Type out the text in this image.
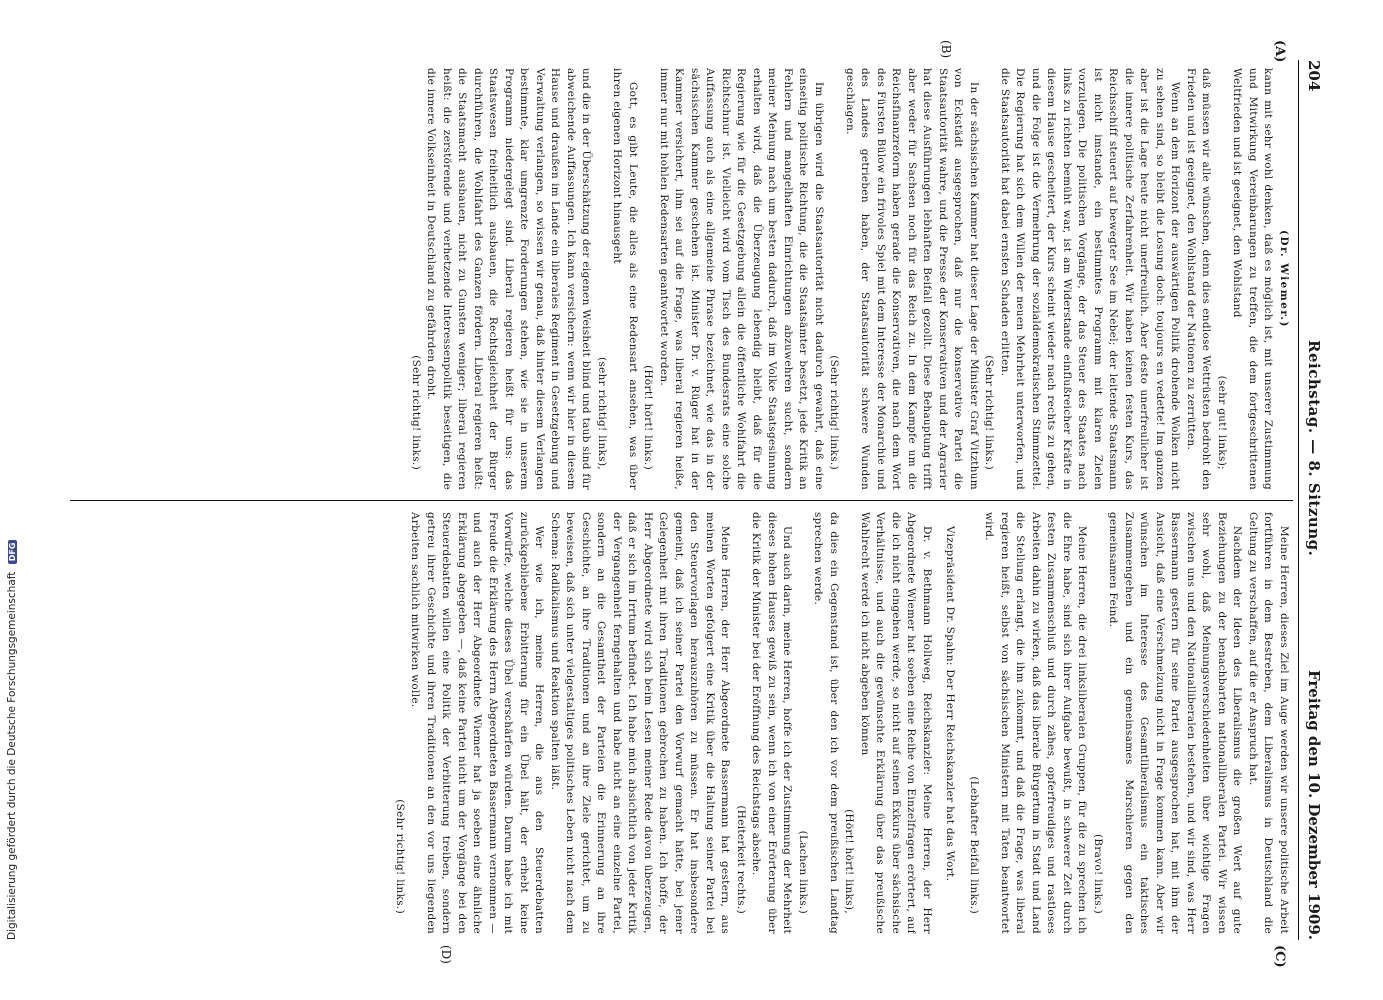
204
Reichstag. — 8. Sitzung.
Freitag den 10. Dezember 1909.
(A)
(B)
(C)
(D)
(Dr. Wiemer.)

kann mit sehr wohl denken, daß es möglich ist, mit unserer Zustimmung und Mitwirkung Vereinbarungen zu treffen, die dem fortgeschrittenen Weltfrieden und ist geeignet, den Wohlstand

(sehr gut! links);

daß müssen wir alle wünschen, denn dies endlose Wettrüsten bedroht den Frieden und ist geeignet, den Wohlstand der Nationen zu zerrütten.

Wenn an dem Horizont der auswärtigen Politik drohende Wolken nicht zu sehen sind, so bleibt die Losung doch: toujours en vedette! Im ganzen aber ist die Lage heute nicht unerfreulich. Aber desto unerfreulicher ist die innere politische Zerfahrenheit. Wir haben keinen festen Kurs, das Reichsschiff steuert auf bewegter See im Nebel; der leitende Staatsmann ist nicht imstande, ein bestimmtes Programm mit klaren Zielen vorzulegen. Die politischen Vorgänge, der das Steuer des Staates nach links zu richten bemüht war, ist am Widerstande einflußreicher Kräfte in diesem Hause gescheitert, der Kurs scheint wieder nach rechts zu gehen, und die Folge ist die Vermehrung der sozialdemokratischen Stimmzettel. Die Regierung hat sich dem Willen der neuen Mehrheit unterworfen, und die Staatsautorität hat dabei ernsten Schaden erlitten.

(Sehr richtig! links.)

In der sächsischen Kammer hat dieser Lage der Minister Graf Vitzthum von Eckstädt ausgesprochen, daß nur die konservative Partei die Staatsautorität wahre, und die Presse der Konservativen und der Agrarier hat diese Ausführungen lebhaften Beifall gezollt. Diese Behauptung trifft aber weder für Sachsen noch für das Reich zu. In dem Kampfe um die Reichsfinanzreform haben gerade die Konservativen, die nach dem Wort des Fürsten Bülow ein frivoles Spiel mit dem Interesse der Monarchie und des Landes getrieben haben, der Staatsautorität schwere Wunden geschlagen.

(Sehr richtig! links.)

Im übrigen wird die Staatsautorität nicht dadurch gewahrt, daß eine einseitig politische Richtung, die die Staatsämter besetzt, jede Kritik an Fehlern und mangelhaften Einrichtungen abzuwehren sucht, sondern meiner Meinung nach um besten dadurch, daß im Volke Staatsgesinnung erhalten wird, daß die Überzeugung lebendig bleibt, daß für die Regierung wie für die Gesetzgebung allein die öffentliche Wohlfahrt die Richtschnur ist. Vielleicht wird vom Tisch des Bundesrats eine solche Auffassung auch als eine allgemeine Phrase bezeichnet, wie das in der sächsischen Kammer geschehen ist. Minister Dr. v. Rüger hat in der Kammer versichert, ihm sei auf die Frage, was liberal regieren heiße, immer nur mit hohlen Redensarten geantwortet worden.

(Hört! hört! links.)

Gott, es gibt Leute, die alles als eine Redensart ansehen, was über ihren eigenen Horizont hinausgeht

(sehr richtig! links),

und die in der Überschätzung der eigenen Weisheit blind und taub sind für abweichende Auffassungen. Ich kann versichern: wenn wir hier in diesem Hause und draußen im Lande ein liberales Regiment in Gesetzgebung und Verwaltung verlangen, so wissen wir genau, daß hinter diesem Verlangen bestimmte, klar umgrenzte Forderungen stehen, wie sie in unserem Programm niedergelegt sind. Liberal regieren heißt für uns: das Staatswesen freiheitlich ausbauen, die Rechtsgleichheit der Bürger durchführen, die Wohlfahrt des Ganzen fördern. Liberal regieren heißt: die Staatsmacht ausbauen, nicht zu Gunsten weniger; liberal regieren heißt: die zerstörende und verhetzende Interessenpolitik beseitigen, die die innere Volkseinheit in Deutschland zu gefährden droht.

(Sehr richtig! links.)

Meine Herren, dieses Ziel im Auge werden wir unsere politische Arbeit fortführen in dem Bestreben, dem Liberalismus in Deutschland die Geltung zu verschaffen, auf die er Anspruch hat.

Nachdem der Ideen des Liberalismus die großen Wert auf gute Beziehungen zu der benachbarten nationalliberalen Partei. Wir wissen sehr wohl, daß Meinungsverschiedenheiten über wichtige Fragen zwischen uns und den Nationalliberalen bestehen, und wir sind, was Herr Bassermann gestern für seine Partei ausgesprochen hat, mit ihm der Ansicht, daß eine Verschmelzung nicht in Frage kommen kann. Aber wir wünschen im Interesse des Gesamtliberalismus ein taktisches Zusammengehen und ein gemeinsames Marschieren gegen den gemeinsamen Feind.

(Bravo! links.)

Meine Herren, die drei linksliberalen Gruppen, für die zu sprechen ich die Ehre habe, sind sich ihrer Aufgabe bewußt, in schwerer Zeit durch festen Zusammenschluß und durch zähes, opferfreudiges und rastloses Arbeiten dahin zu wirken, daß das liberale Bürgertum in Stadt und Land die Stellung erlangt, die ihm zukommt, und daß die Frage, was liberal regieren heißt, selbst von sächsischen Ministern mit Taten beantwortet wird.

(Lebhafter Beifall links.)

Vizepräsident Dr. Spahn: Der Herr Reichskanzler hat das Wort.

Dr. v. Bethmann Hollweg, Reichskanzler: Meine Herren, der Herr Abgeordnete Wiemer hat soeben eine Reihe von Einzelfragen erörtert, auf die ich nicht eingehen werde, so nicht auf seinen Exkurs über sächsische Verhältnisse, und auch die gewünschte Erklärung über das preußische Wahlrecht werde ich nicht abgeben können

(Hört! hört! links),

da dies ein Gegenstand ist, über den ich vor dem preußischen Landtag sprechen werde.

(Lachen links.)

Und auch darin, meine Herren, hoffe ich der Zustimmung der Mehrheit dieses hohen Hauses gewiß zu sein, wenn ich von einer Erörterung über die Kritik der Minister bei der Eröffnung des Reichstags absehe.

(Heiterkeit rechts.)

Meine Herren, der Herr Abgeordnete Bassermann hat gestern, aus meinen Worten gefolgert eine Kritik über die Haltung seiner Partei bei den Steuervorlagen herauszuhören zu müssen. Er hat insbesondere gemeint, daß ich seiner Partei den Vorwurf gemacht hätte, bei jener Gelegenheit mit ihren Traditionen gebrochen zu haben. Ich hoffe, der Herr Abgeordnete wird sich beim Lesen meiner Rede davon überzeugen, daß er sich im Irrtum befindet. Ich habe mich absichtlich von jeder Kritik der Vergangenheit ferngehalten und habe nicht an eine einzelne Partei, sondern an die Gesamtheit der Parteien die Erinnerung an ihre Geschichte, an ihre Traditionen und an ihre Ziele gerichtet, um zu beweisen, daß sich unter vielgestaltiges politisches Leben nicht nach dem Schema: Radikalismus und Reaktion spalten läßt.

Wer wie ich, meine Herren, die aus den Steuerdebatten zurückgebliebene Erbitterung für ein Übel hält, der erhebt keine Vorwürfe, welche dieses Übel verschärfen würden. Darum habe ich mit Freude die Erklärung des Herrn Abgeordneten Bassermann vernommen — und auch der Herr Abgeordnete Wiemer hat ja soeben eine ähnliche Erklärung abgegeben —, daß keine Partei nicht um der Vorgänge bei den Steuerdebatten willen eine Politik der Verbitterung treiben, sondern getreu ihrer Geschichte und ihren Traditionen an den vor uns liegenden Arbeiten sachlich mitwirken wolle.

(Sehr richtig! links.)
Digitalisierung gefördert durch die Deutsche Forschungsgemeinschaft DFG
